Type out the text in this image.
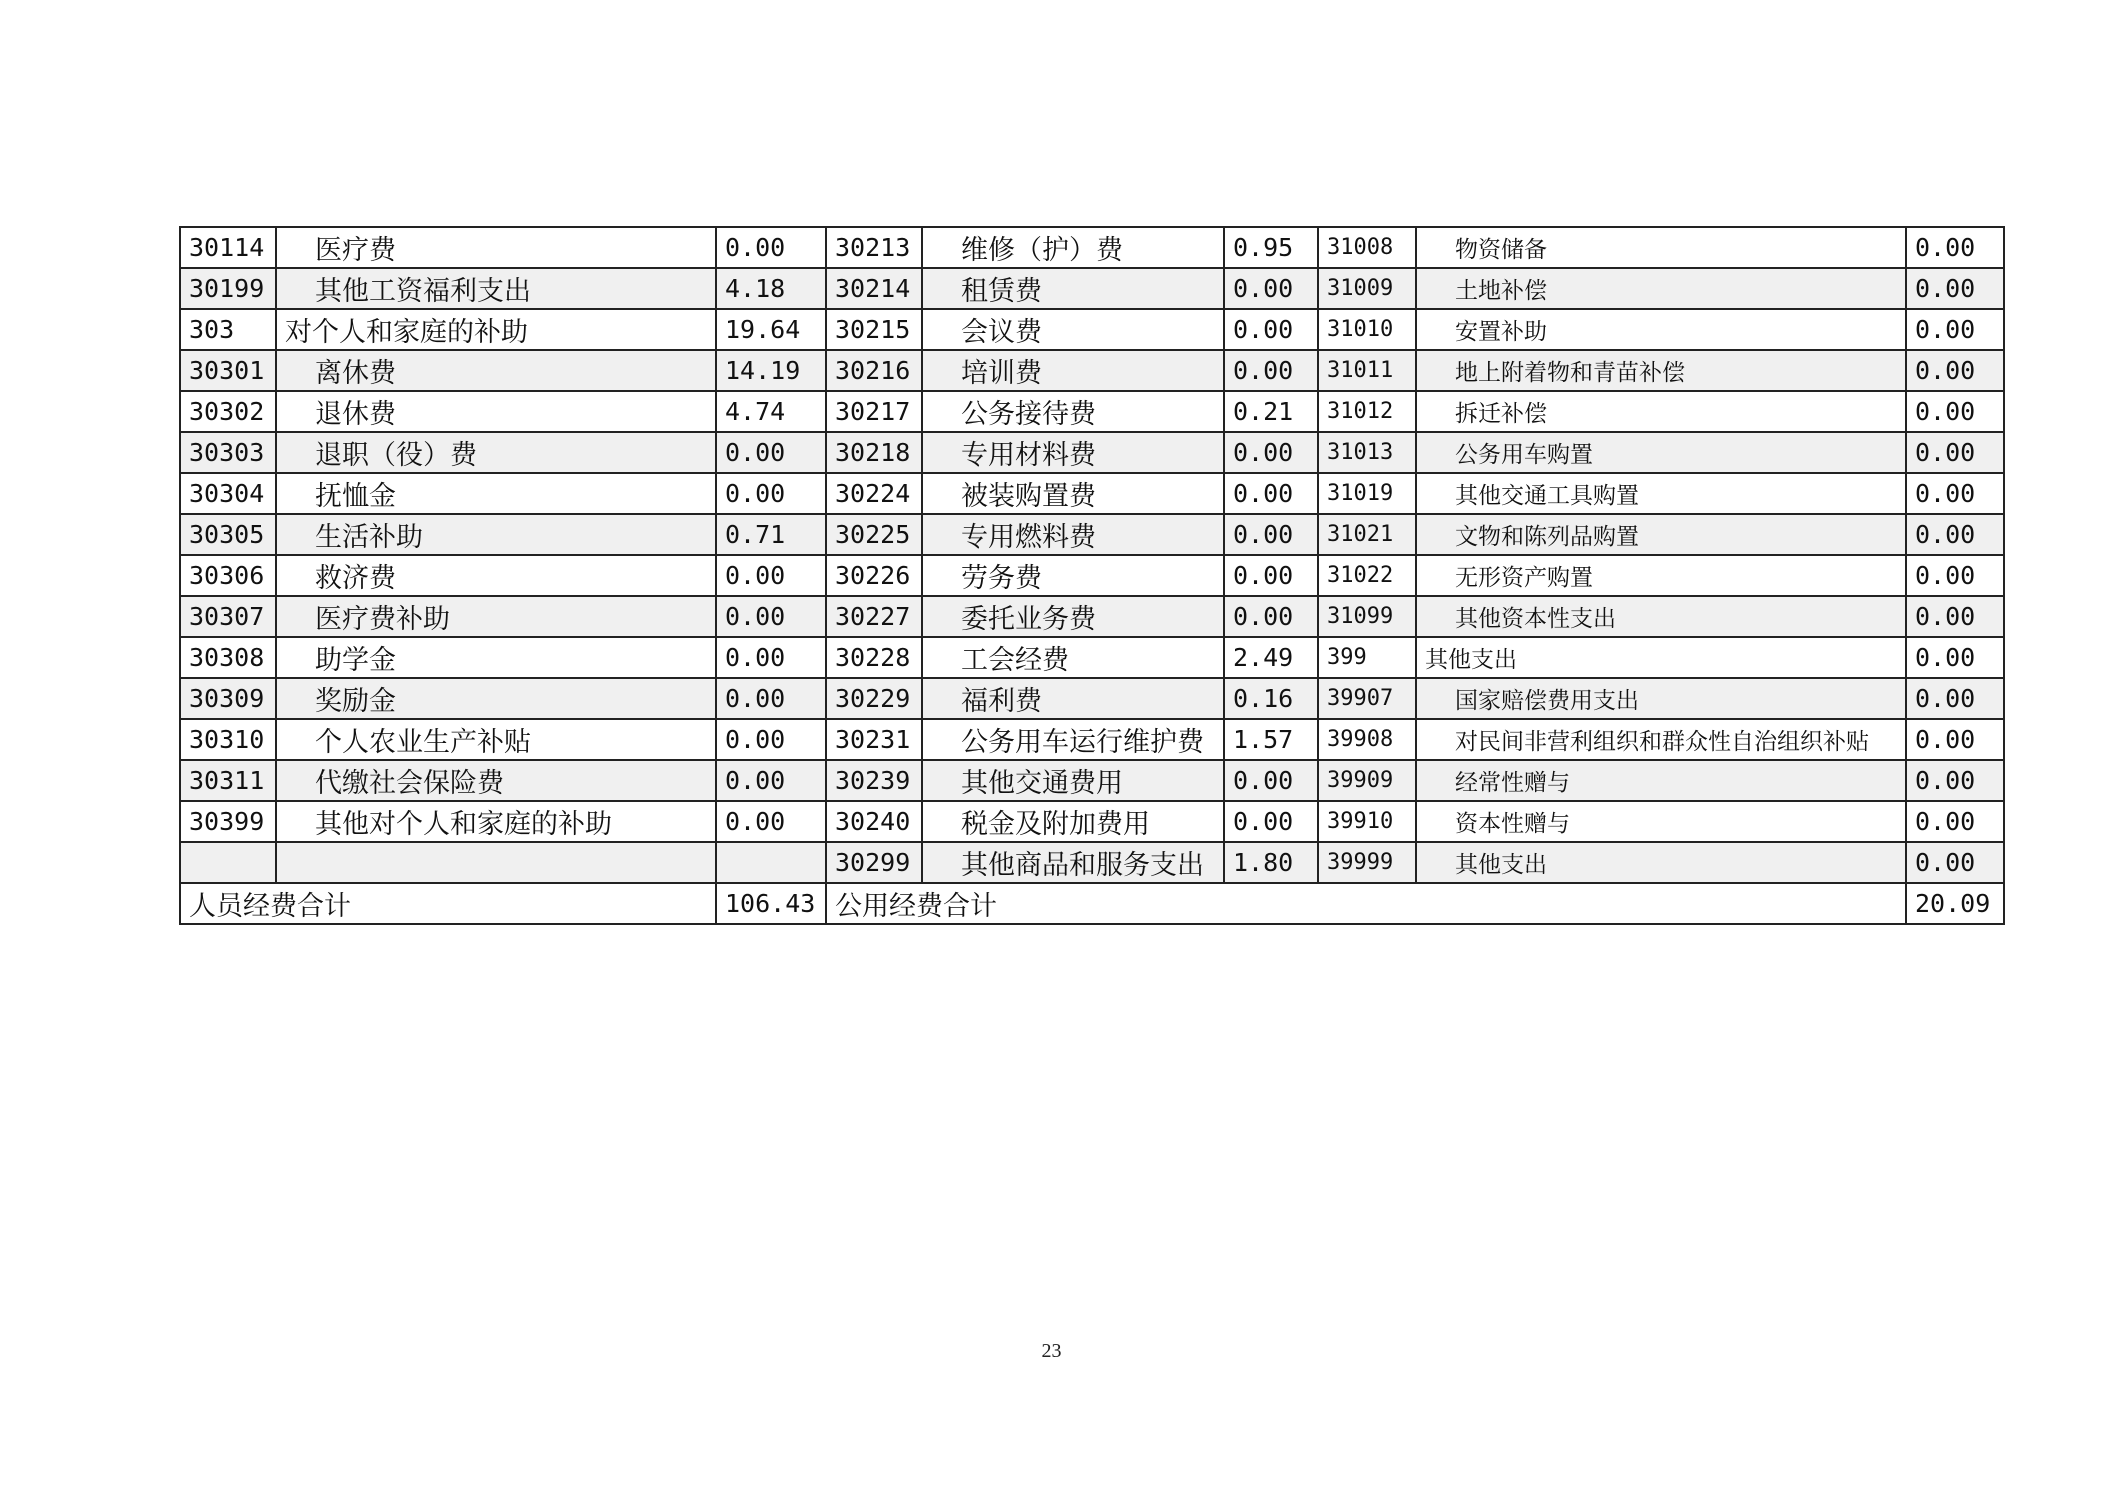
30114	医疗费	0.00	30213	维修（护）费	0.95	31008	物资储备	0.00
30199	其他工资福利支出	4.18	30214	租赁费	0.00	31009	土地补偿	0.00
303	对个人和家庭的补助	19.64	30215	会议费	0.00	31010	安置补助	0.00
30301	离休费	14.19	30216	培训费	0.00	31011	地上附着物和青苗补偿	0.00
30302	退休费	4.74	30217	公务接待费	0.21	31012	拆迁补偿	0.00
30303	退职（役）费	0.00	30218	专用材料费	0.00	31013	公务用车购置	0.00
30304	抚恤金	0.00	30224	被装购置费	0.00	31019	其他交通工具购置	0.00
30305	生活补助	0.71	30225	专用燃料费	0.00	31021	文物和陈列品购置	0.00
30306	救济费	0.00	30226	劳务费	0.00	31022	无形资产购置	0.00
30307	医疗费补助	0.00	30227	委托业务费	0.00	31099	其他资本性支出	0.00
30308	助学金	0.00	30228	工会经费	2.49	399	其他支出	0.00
30309	奖励金	0.00	30229	福利费	0.16	39907	国家赔偿费用支出	0.00
30310	个人农业生产补贴	0.00	30231	公务用车运行维护费	1.57	39908	对民间非营利组织和群众性自治组织补贴	0.00
30311	代缴社会保险费	0.00	30239	其他交通费用	0.00	39909	经常性赠与	0.00
30399	其他对个人和家庭的补助	0.00	30240	税金及附加费用	0.00	39910	资本性赠与	0.00
			30299	其他商品和服务支出	1.80	39999	其他支出	0.00
人员经费合计		106.43	公用经费合计					20.09
23
